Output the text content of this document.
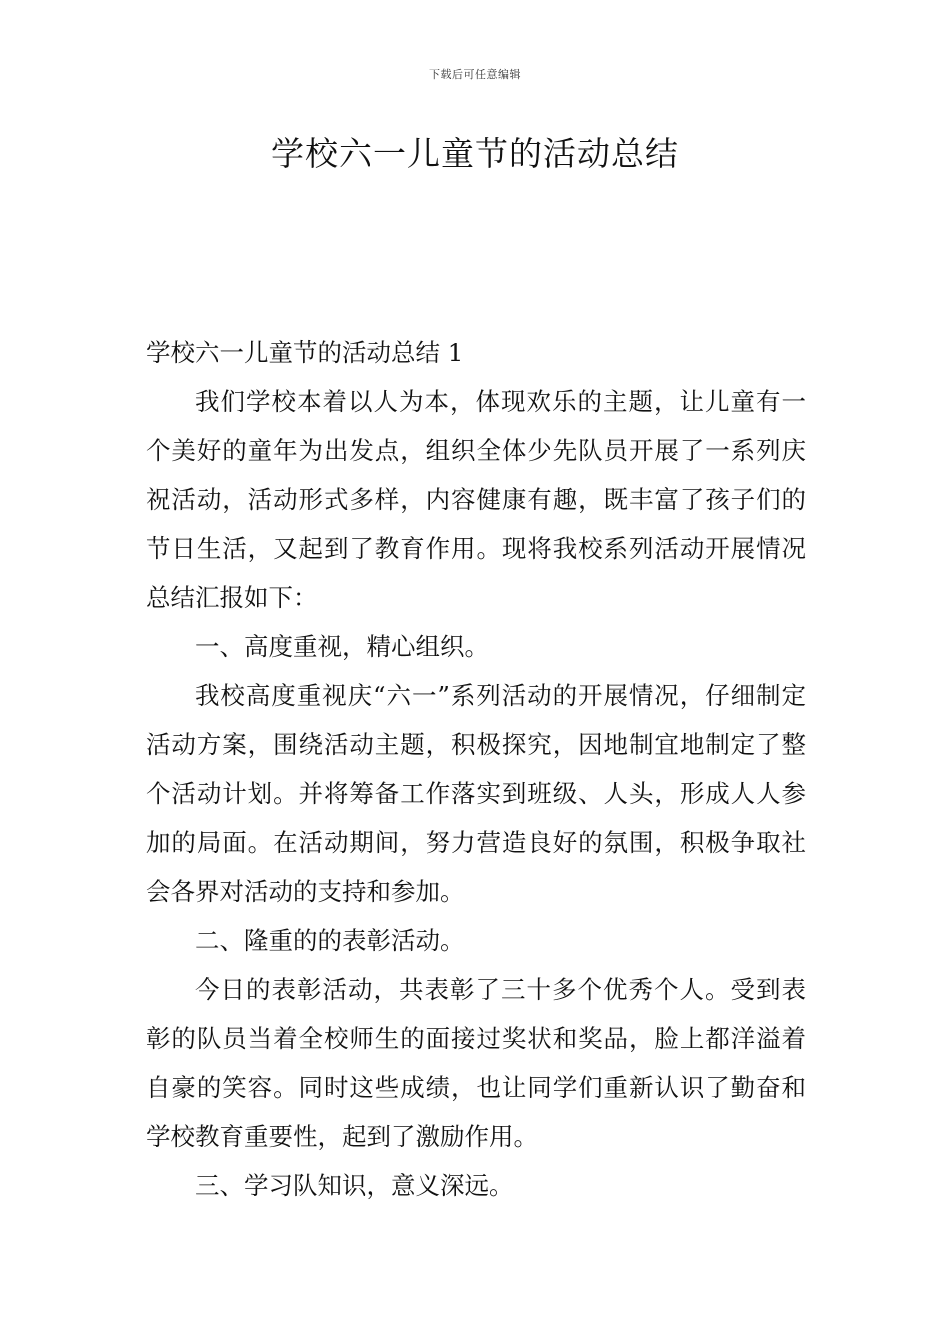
下载后可任意编辑
学校六一儿童节的活动总结

学校六一儿童节的活动总结 1

我们学校本着以人为本，体现欢乐的主题，让儿童有一个美好的童年为出发点，组织全体少先队员开展了一系列庆祝活动，活动形式多样，内容健康有趣，既丰富了孩子们的节日生活，又起到了教育作用。现将我校系列活动开展情况总结汇报如下：

一、高度重视，精心组织。

我校高度重视庆“六一”系列活动的开展情况，仔细制定活动方案，围绕活动主题，积极探究，因地制宜地制定了整个活动计划。并将筹备工作落实到班级、人头，形成人人参加的局面。在活动期间，努力营造良好的氛围，积极争取社会各界对活动的支持和参加。

二、隆重的的表彰活动。

今日的表彰活动，共表彰了三十多个优秀个人。受到表彰的队员当着全校师生的面接过奖状和奖品，脸上都洋溢着自豪的笑容。同时这些成绩，也让同学们重新认识了勤奋和学校教育重要性，起到了激励作用。

三、学习队知识，意义深远。
